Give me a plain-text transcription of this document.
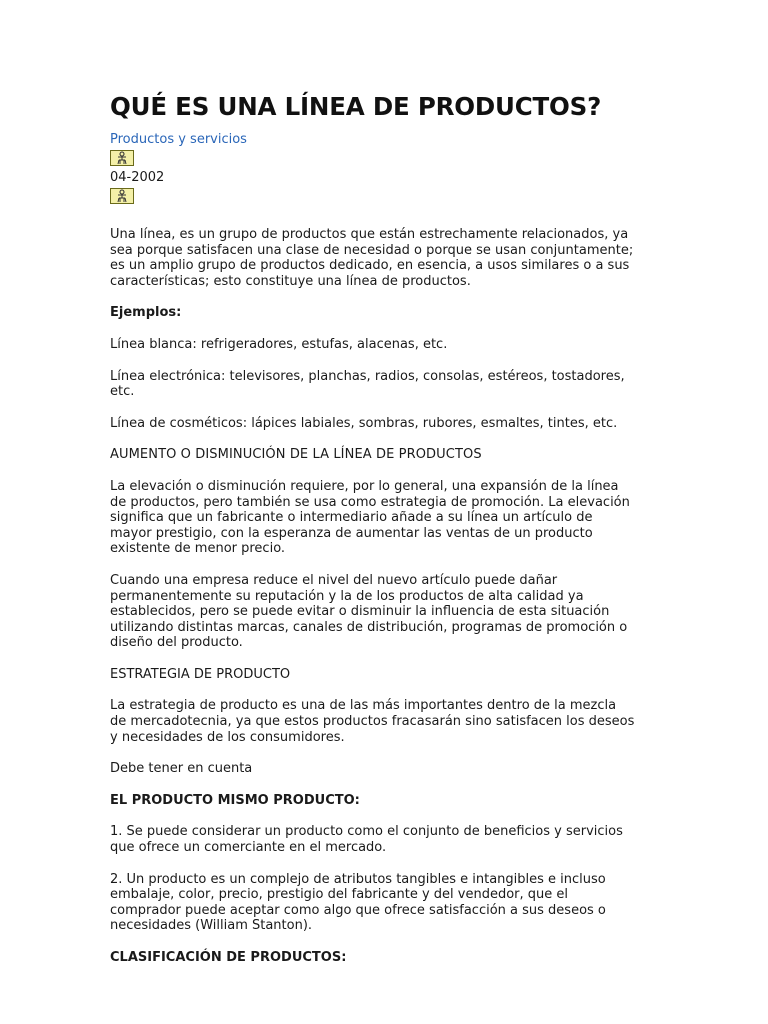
QUÉ ES UNA LÍNEA DE PRODUCTOS?
Productos y servicios
04-2002
Una línea, es un grupo de productos que están estrechamente relacionados, ya
sea porque satisfacen una clase de necesidad o porque se usan conjuntamente;
es un amplio grupo de productos dedicado, en esencia, a usos similares o a sus
características; esto constituye una línea de productos.
Ejemplos:
Línea blanca: refrigeradores, estufas, alacenas, etc.
Línea electrónica: televisores, planchas, radios, consolas, estéreos, tostadores,
etc.
Línea de cosméticos: lápices labiales, sombras, rubores, esmaltes, tintes, etc.
AUMENTO O DISMINUCIÓN DE LA LÍNEA DE PRODUCTOS
La elevación o disminución requiere, por lo general, una expansión de la línea
de productos, pero también se usa como estrategia de promoción. La elevación
significa que un fabricante o intermediario añade a su línea un artículo de
mayor prestigio, con la esperanza de aumentar las ventas de un producto
existente de menor precio.
Cuando una empresa reduce el nivel del nuevo artículo puede dañar
permanentemente su reputación y la de los productos de alta calidad ya
establecidos, pero se puede evitar o disminuir la influencia de esta situación
utilizando distintas marcas, canales de distribución, programas de promoción o
diseño del producto.
ESTRATEGIA DE PRODUCTO
La estrategia de producto es una de las más importantes dentro de la mezcla
de mercadotecnia, ya que estos productos fracasarán sino satisfacen los deseos
y necesidades de los consumidores.
Debe tener en cuenta
EL PRODUCTO MISMO PRODUCTO:
1. Se puede considerar un producto como el conjunto de beneficios y servicios
que ofrece un comerciante en el mercado.
2. Un producto es un complejo de atributos tangibles e intangibles e incluso
embalaje, color, precio, prestigio del fabricante y del vendedor, que el
comprador puede aceptar como algo que ofrece satisfacción a sus deseos o
necesidades (William Stanton).
CLASIFICACIÓN DE PRODUCTOS:
